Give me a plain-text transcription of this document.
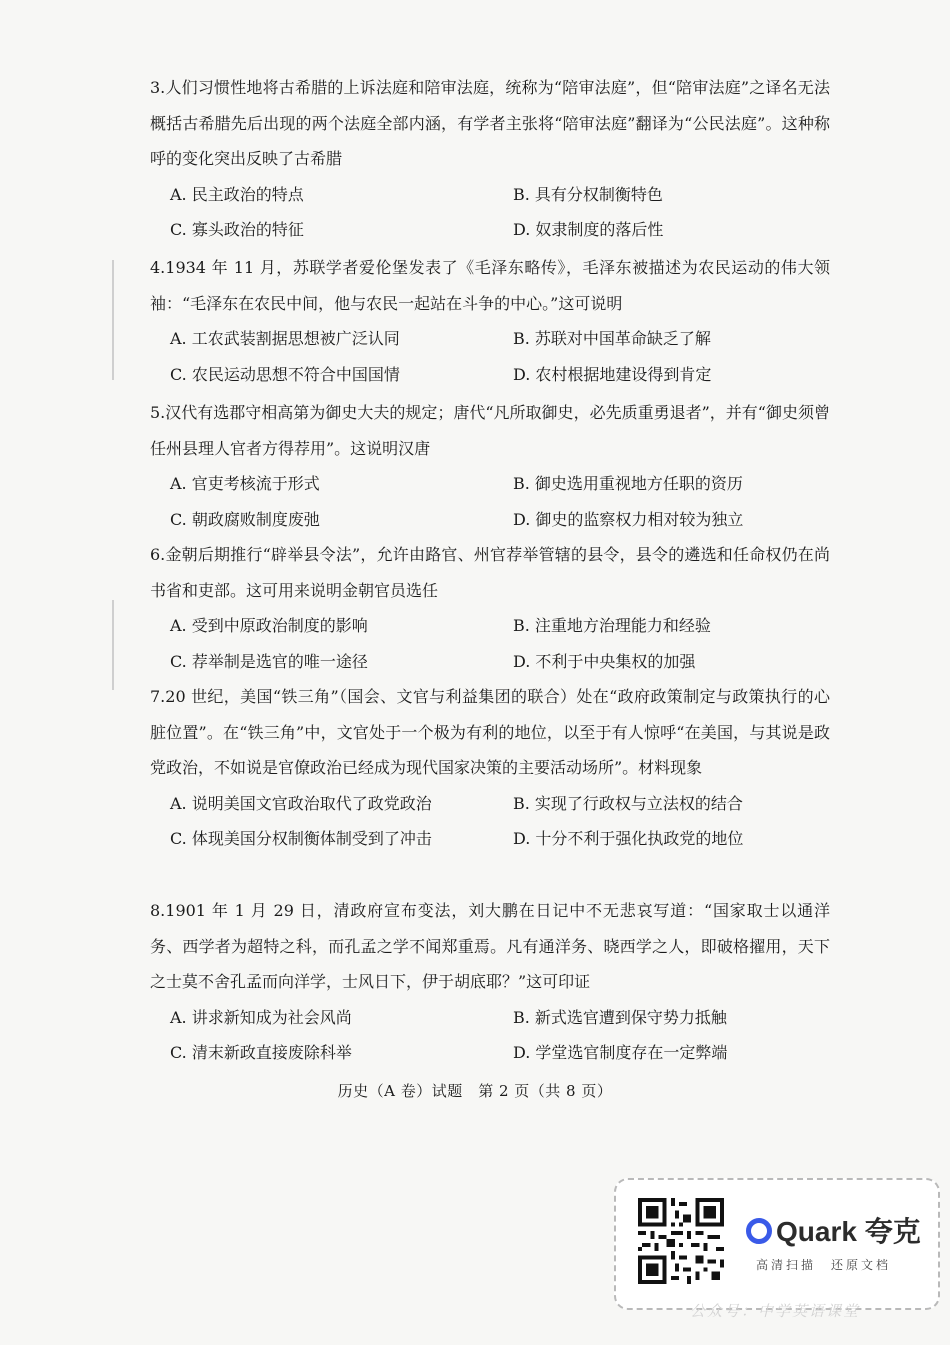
3.人们习惯性地将古希腊的上诉法庭和陪审法庭，统称为“陪审法庭”，但“陪审法庭”之译名无法概括古希腊先后出现的两个法庭全部内涵，有学者主张将“陪审法庭”翻译为“公民法庭”。这种称呼的变化突出反映了古希腊

A. 民主政治的特点	B. 具有分权制衡特色
C. 寡头政治的特征	D. 奴隶制度的落后性

4.1934 年 11 月，苏联学者爱伦堡发表了《毛泽东略传》，毛泽东被描述为农民运动的伟大领袖：“毛泽东在农民中间，他与农民一起站在斗争的中心。”这可说明

A. 工农武装割据思想被广泛认同	B. 苏联对中国革命缺乏了解
C. 农民运动思想不符合中国国情	D. 农村根据地建设得到肯定

5.汉代有选郡守相高第为御史大夫的规定；唐代“凡所取御史，必先质重勇退者”，并有“御史须曾任州县理人官者方得荐用”。这说明汉唐

A. 官吏考核流于形式	B. 御史选用重视地方任职的资历
C. 朝政腐败制度废弛	D. 御史的监察权力相对较为独立

6.金朝后期推行“辟举县令法”，允许由路官、州官荐举管辖的县令，县令的遴选和任命权仍在尚书省和吏部。这可用来说明金朝官员选任

A. 受到中原政治制度的影响	B. 注重地方治理能力和经验
C. 荐举制是选官的唯一途径	D. 不利于中央集权的加强

7.20 世纪，美国“铁三角”（国会、文官与利益集团的联合）处在“政府政策制定与政策执行的心脏位置”。在“铁三角”中，文官处于一个极为有利的地位，以至于有人惊呼“在美国，与其说是政党政治，不如说是官僚政治已经成为现代国家决策的主要活动场所”。材料现象

A. 说明美国文官政治取代了政党政治	B. 实现了行政权与立法权的结合
C. 体现美国分权制衡体制受到了冲击	D. 十分不利于强化执政党的地位

8.1901 年 1 月 29 日，清政府宣布变法，刘大鹏在日记中不无悲哀写道：“国家取士以通洋务、西学者为超特之科，而孔孟之学不闻郑重焉。凡有通洋务、晓西学之人，即破格擢用，天下之士莫不舍孔孟而向洋学，士风日下，伊于胡底耶？”这可印证

A. 讲求新知成为社会风尚	B. 新式选官遭到保守势力抵触
C. 清末新政直接废除科举	D. 学堂选官制度存在一定弊端
历史（A 卷）试题　第 2 页（共 8 页）
Quark 夸克
高清扫描　还原文档
公众号：中学英语课堂
